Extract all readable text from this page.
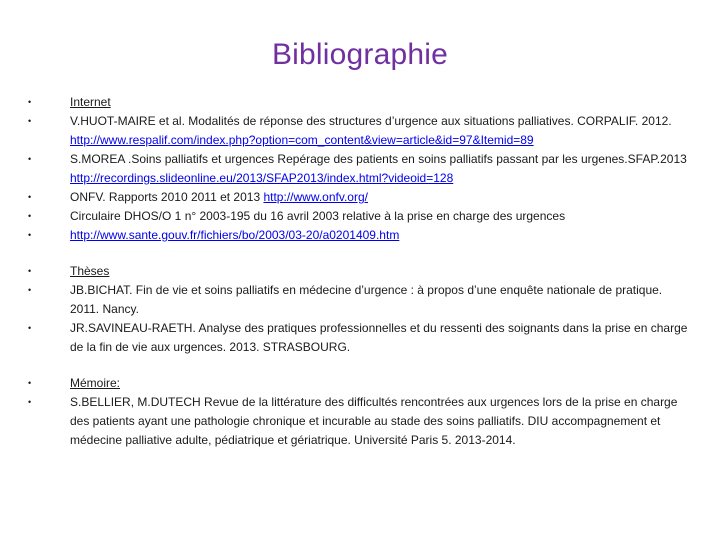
Bibliographie
•	Internet
•	V.HUOT-MAIRE et al. Modalités de réponse des structures d’urgence aux situations palliatives. CORPALIF. 2012. http://www.respalif.com/index.php?option=com_content&view=article&id=97&Itemid=89
•	S.MOREA .Soins palliatifs et urgences Repérage des patients en soins palliatifs passant par les urgenes.SFAP.2013
http://recordings.slideonline.eu/2013/SFAP2013/index.html?videoid=128
•	ONFV. Rapports 2010 2011 et 2013 http://www.onfv.org/
•	Circulaire DHOS/O 1 n° 2003-195 du 16 avril 2003 relative à la prise en charge des urgences
•	http://www.sante.gouv.fr/fichiers/bo/2003/03-20/a0201409.htm
•	Thèses
•	JB.BICHAT. Fin de vie et soins palliatifs en médecine d’urgence : à propos d’une enquête nationale de pratique. 2011. Nancy.
•	JR.SAVINEAU-RAETH. Analyse des pratiques professionnelles et du ressenti des soignants dans la prise en charge de la fin de vie aux urgences. 2013. STRASBOURG.
•	Mémoire:
•	S.BELLIER, M.DUTECH Revue de la littérature des difficultés rencontrées aux urgences lors de la prise en charge des patients ayant une pathologie chronique et incurable au stade des soins palliatifs. DIU accompagnement et médecine palliative adulte, pédiatrique et gériatrique. Université Paris 5. 2013-2014.
